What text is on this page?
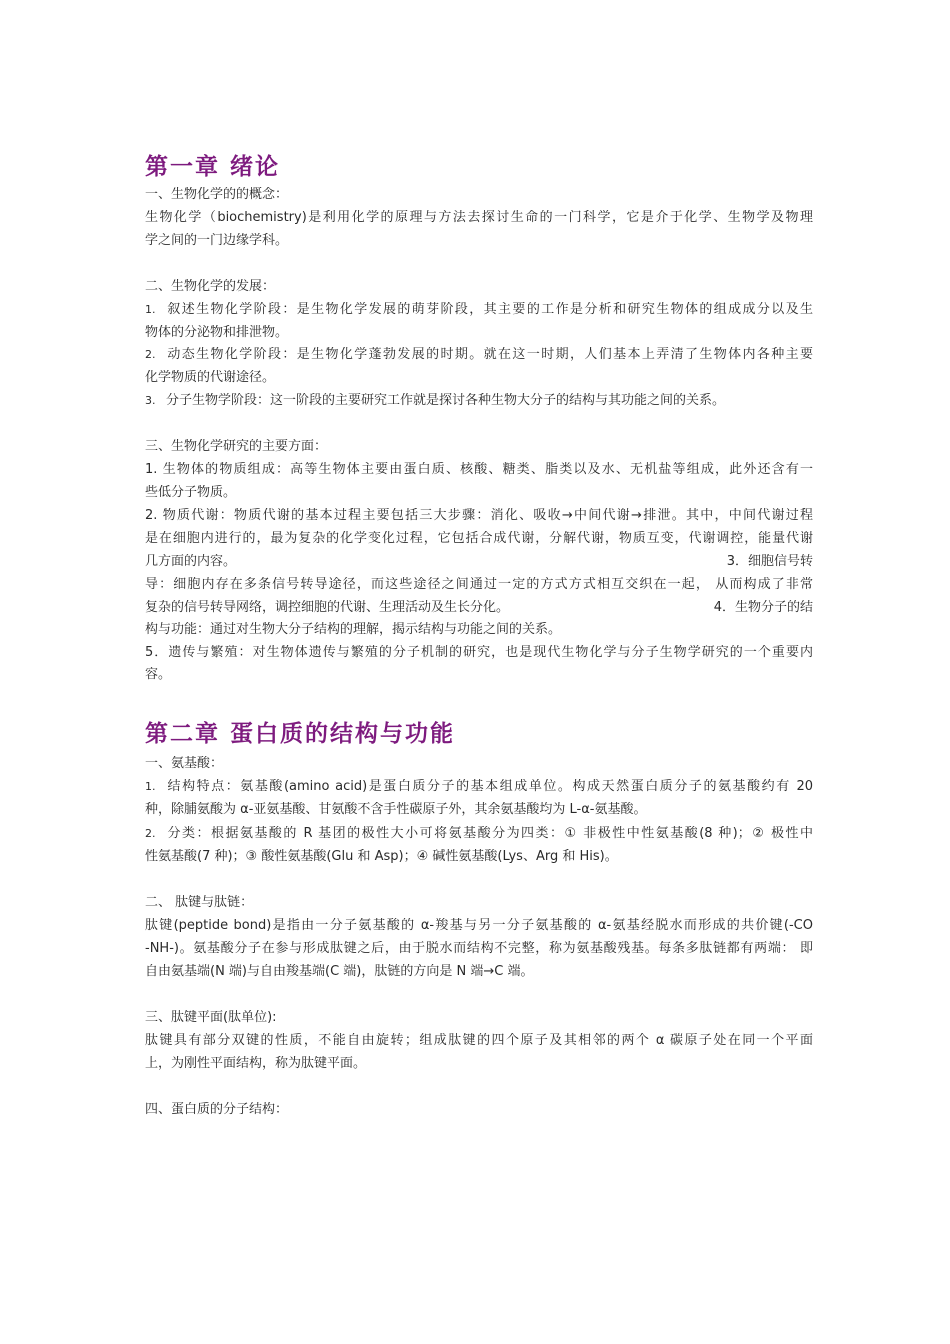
第一章 绪论
一、生物化学的的概念：
生物化学（biochemistry)是利用化学的原理与方法去探讨生命的一门科学，它是介于化学、生物学及物理
学之间的一门边缘学科。
二、生物化学的发展：
1. 叙述生物化学阶段：是生物化学发展的萌芽阶段，其主要的工作是分析和研究生物体的组成成分以及生
物体的分泌物和排泄物。
2. 动态生物化学阶段：是生物化学蓬勃发展的时期。就在这一时期，人们基本上弄清了生物体内各种主要
化学物质的代谢途径。
3. 分子生物学阶段：这一阶段的主要研究工作就是探讨各种生物大分子的结构与其功能之间的关系。
三、生物化学研究的主要方面：
1. 生物体的物质组成：高等生物体主要由蛋白质、核酸、糖类、脂类以及水、无机盐等组成，此外还含有一
些低分子物质。
2. 物质代谢：物质代谢的基本过程主要包括三大步骤：消化、吸收→中间代谢→排泄。其中，中间代谢过程
是在细胞内进行的，最为复杂的化学变化过程，它包括合成代谢，分解代谢，物质互变，代谢调控，能量代谢
几方面的内容。	3．细胞信号转
导：细胞内存在多条信号转导途径，而这些途径之间通过一定的方式方式相互交织在一起， 从而构成了非常
复杂的信号转导网络，调控细胞的代谢、生理活动及生长分化。	4．生物分子的结
构与功能：通过对生物大分子结构的理解，揭示结构与功能之间的关系。
5．遗传与繁殖：对生物体遗传与繁殖的分子机制的研究，也是现代生物化学与分子生物学研究的一个重要内
容。
第二章 蛋白质的结构与功能
一、氨基酸：
1. 结构特点：氨基酸(amino acid)是蛋白质分子的基本组成单位。构成天然蛋白质分子的氨基酸约有 20
种，除脯氨酸为 α-亚氨基酸、甘氨酸不含手性碳原子外，其余氨基酸均为 L-α-氨基酸。
2. 分类：根据氨基酸的 R 基团的极性大小可将氨基酸分为四类：① 非极性中性氨基酸(8 种)；② 极性中
性氨基酸(7 种)；③ 酸性氨基酸(Glu 和 Asp)；④ 碱性氨基酸(Lys、Arg 和 His)。
二、 肽键与肽链：
肽键(peptide bond)是指由一分子氨基酸的 α-羧基与另一分子氨基酸的 α-氨基经脱水而形成的共价键(-CO
-NH-)。氨基酸分子在参与形成肽键之后，由于脱水而结构不完整，称为氨基酸残基。每条多肽链都有两端： 即
自由氨基端(N 端)与自由羧基端(C 端)，肽链的方向是 N 端→C 端。
三、肽键平面(肽单位):
肽键具有部分双键的性质，不能自由旋转；组成肽键的四个原子及其相邻的两个 α 碳原子处在同一个平面
上，为刚性平面结构，称为肽键平面。
四、蛋白质的分子结构：
